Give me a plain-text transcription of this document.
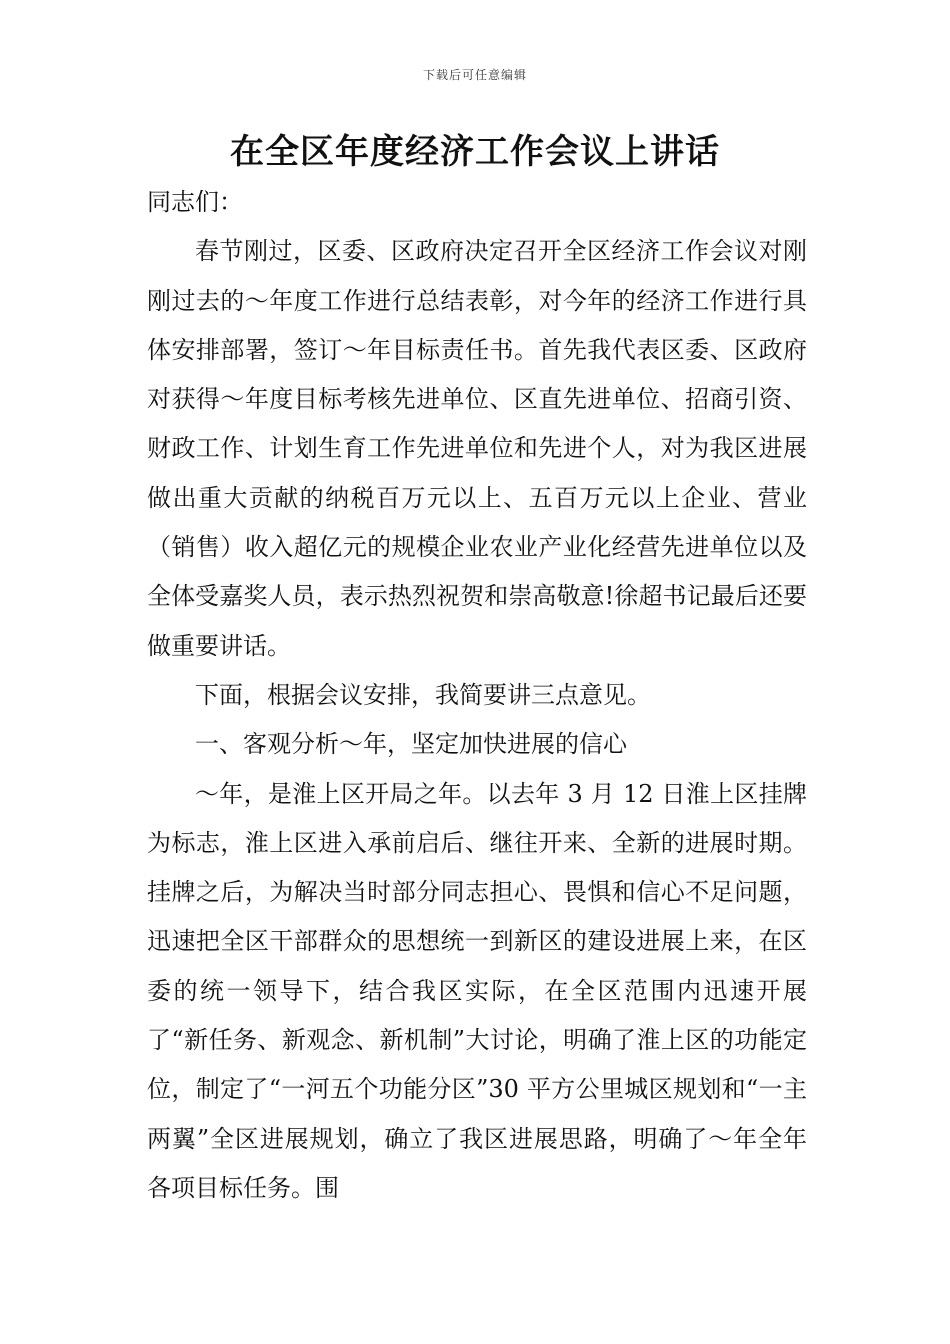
下载后可任意编辑
在全区年度经济工作会议上讲话

同志们：

春节刚过，区委、区政府决定召开全区经济工作会议对刚刚过去的～年度工作进行总结表彰，对今年的经济工作进行具体安排部署，签订～年目标责任书。首先我代表区委、区政府对获得～年度目标考核先进单位、区直先进单位、招商引资、财政工作、计划生育工作先进单位和先进个人，对为我区进展做出重大贡献的纳税百万元以上、五百万元以上企业、营业（销售）收入超亿元的规模企业农业产业化经营先进单位以及全体受嘉奖人员，表示热烈祝贺和崇高敬意!徐超书记最后还要做重要讲话。

下面，根据会议安排，我简要讲三点意见。

一、客观分析～年，坚定加快进展的信心

～年，是淮上区开局之年。以去年 3 月 12 日淮上区挂牌为标志，淮上区进入承前启后、继往开来、全新的进展时期。挂牌之后，为解决当时部分同志担心、畏惧和信心不足问题，迅速把全区干部群众的思想统一到新区的建设进展上来，在区委的统一领导下，结合我区实际，在全区范围内迅速开展了“新任务、新观念、新机制”大讨论，明确了淮上区的功能定位，制定了“一河五个功能分区”30 平方公里城区规划和“一主两翼”全区进展规划，确立了我区进展思路，明确了～年全年各项目标任务。围
